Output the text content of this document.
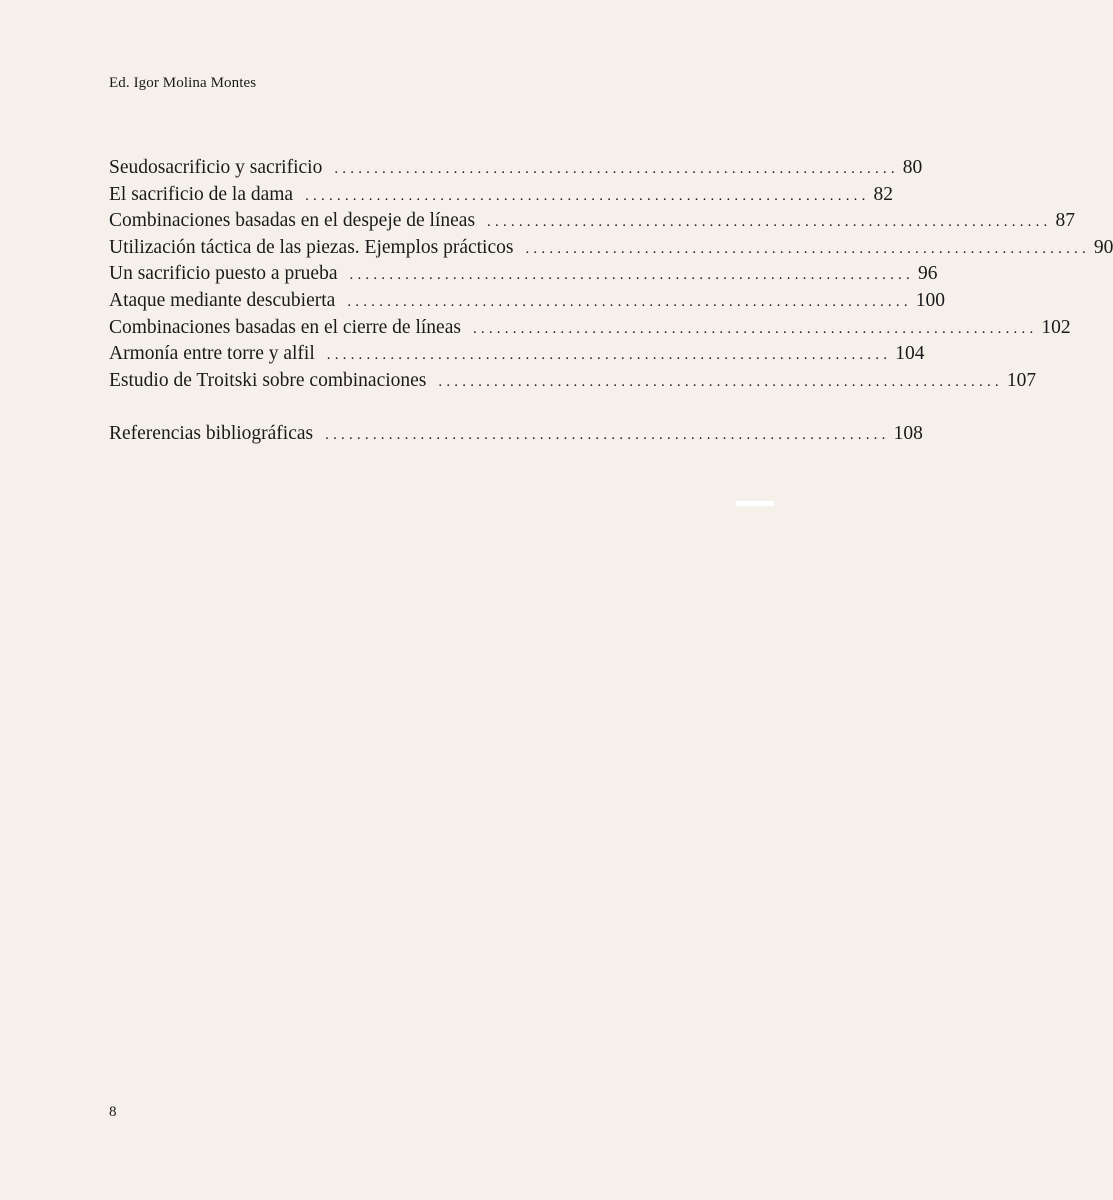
Ed. Igor Molina Montes
Seudosacrificio y sacrificio ....................................................................... 80
El sacrificio de la dama ....................................................................... 82
Combinaciones basadas en el despeje de líneas ....................................................................... 87
Utilización táctica de las piezas. Ejemplos prácticos ....................................................................... 90
Un sacrificio puesto a prueba ....................................................................... 96
Ataque mediante descubierta ....................................................................... 100
Combinaciones basadas en el cierre de líneas ....................................................................... 102
Armonía entre torre y alfil ....................................................................... 104
Estudio de Troitski sobre combinaciones ....................................................................... 107
Referencias bibliográficas ....................................................................... 108
8
